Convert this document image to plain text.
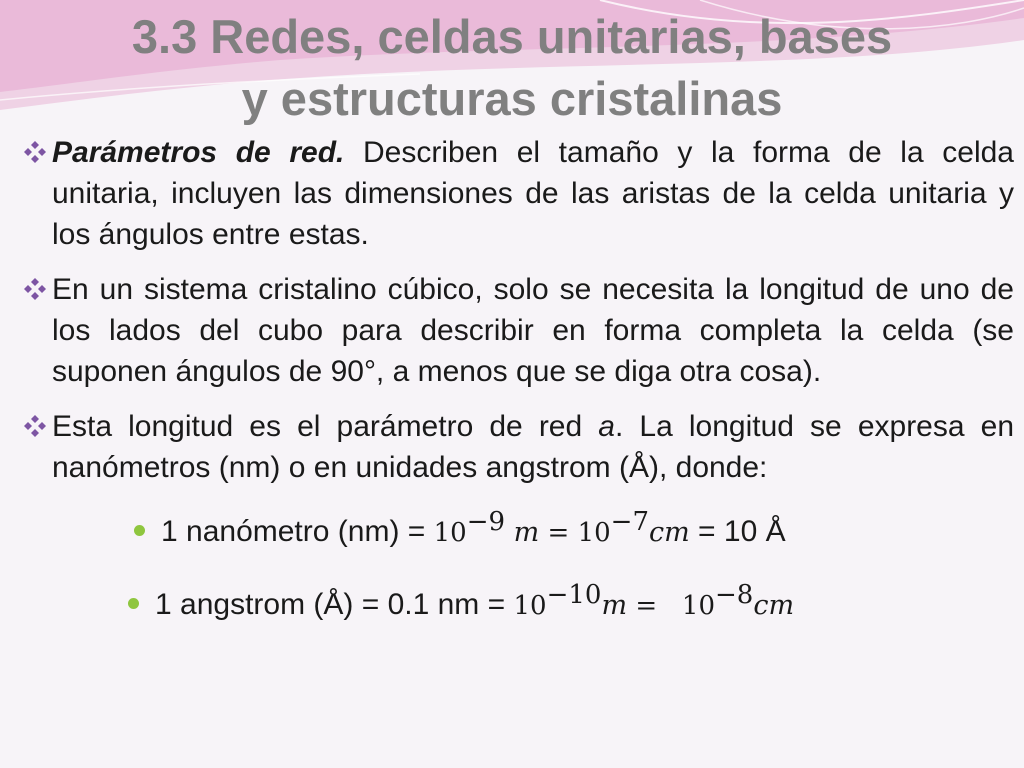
3.3 Redes, celdas unitarias, bases
y estructuras cristalinas
Parámetros de red. Describen el tamaño y la forma de la celda unitaria, incluyen las dimensiones de las aristas de la celda unitaria y los ángulos entre estas.
En un sistema cristalino cúbico, solo se necesita la longitud de uno de los lados del cubo para describir en forma completa la celda (se suponen ángulos de 90°, a menos que se diga otra cosa).
Esta longitud es el parámetro de red a. La longitud se expresa en nanómetros (nm) o en unidades angstrom (Å), donde:
1 nanómetro (nm) = 10−9 m = 10−7cm = 10 Å
1 angstrom (Å) = 0.1 nm = 10−10m =   10−8cm
